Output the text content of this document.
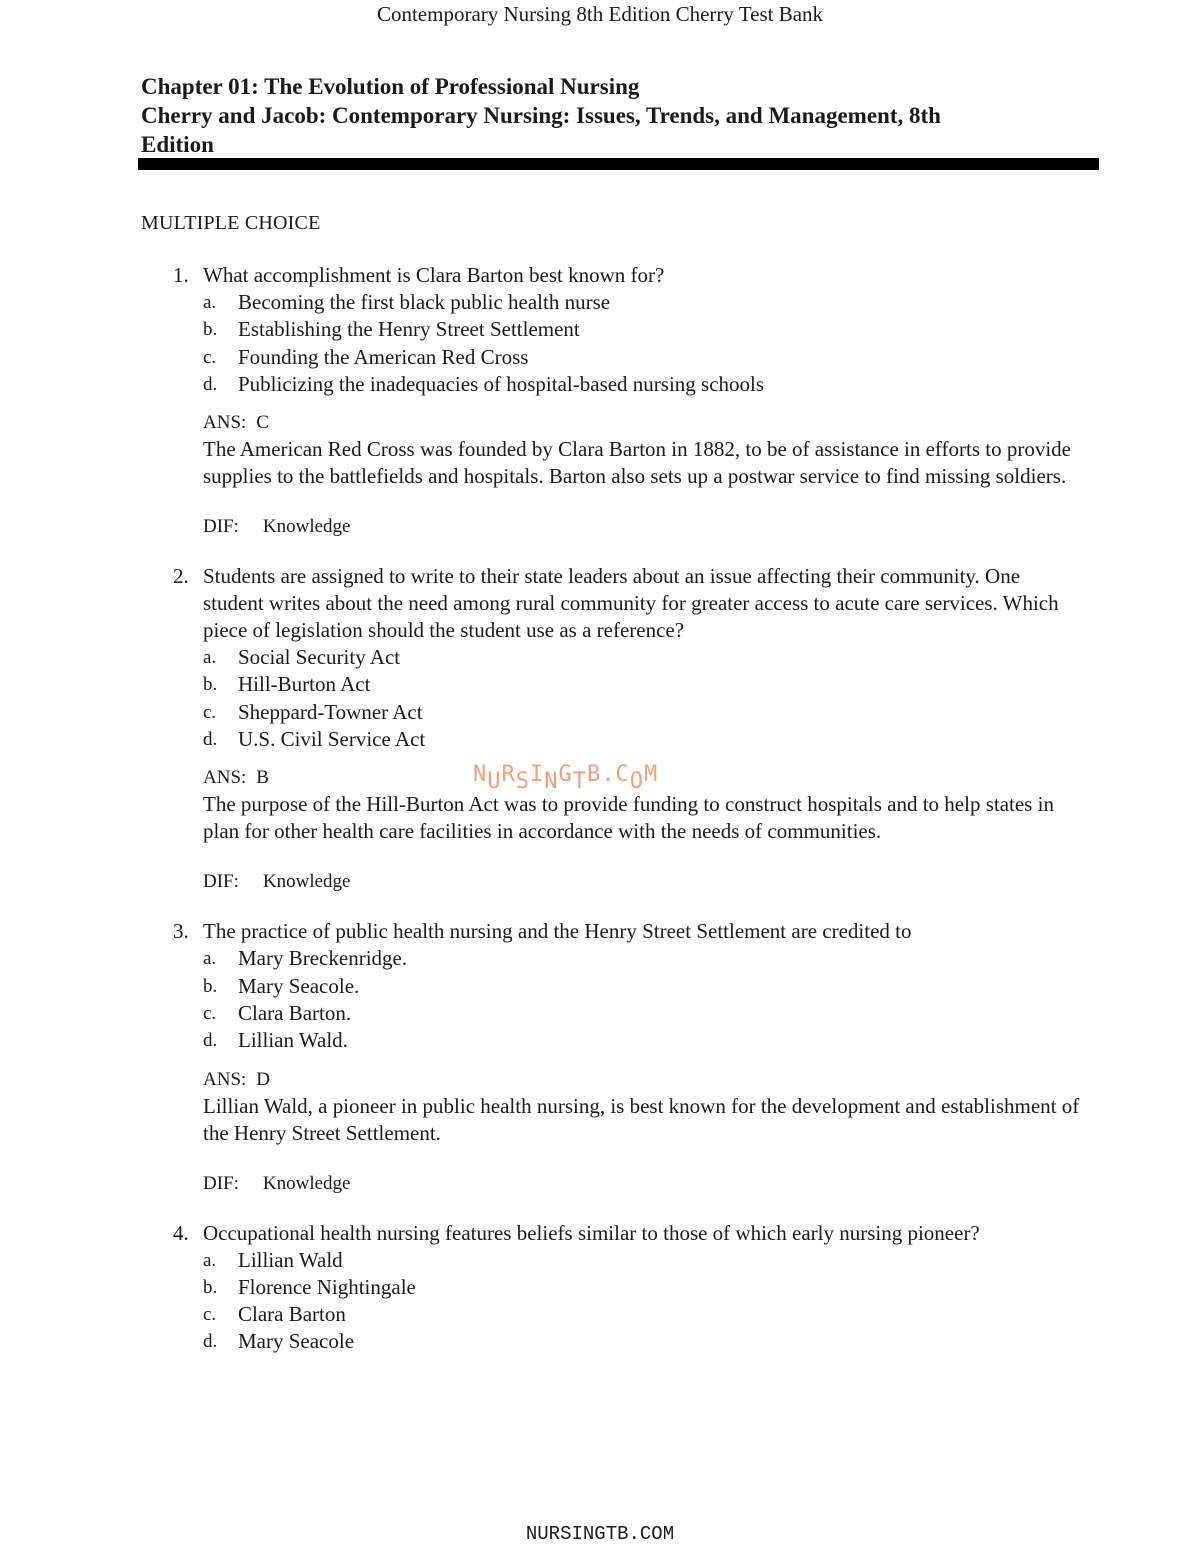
Contemporary Nursing 8th Edition Cherry Test Bank

Chapter 01: The Evolution of Professional Nursing

Cherry and Jacob: Contemporary Nursing: Issues, Trends, and Management, 8th

Edition

MULTIPLE CHOICE
1. What accomplishment is Clara Barton best known for?
a.	Becoming the first black public health nurse
b. Establishing the Henry Street Settlement
c.	Founding the American Red Cross
d. Publicizing the inadequacies of hospital-based nursing schools
ANS: C
The American Red Cross was founded by Clara Barton in 1882, to be of assistance in efforts to provide supplies to the battlefields and hospitals. Barton also sets up a postwar service to find missing soldiers.
DIF: Knowledge
2. Students are assigned to write to their state leaders about an issue affecting their community. One student writes about the need among rural community for greater access to acute care services. Which piece of legislation should the student use as a reference?
a.	Social Security Act
b. Hill-Burton Act
c.	Sheppard-Towner Act
d. U.S. Civil Service Act
ANS: B
The purpose of the Hill-Burton Act was to provide funding to construct hospitals and to help states in plan for other health care facilities in accordance with the needs of communities.
DIF: Knowledge
3. The practice of public health nursing and the Henry Street Settlement are credited to
a.	Mary Breckenridge.
b. Mary Seacole.
c.	Clara Barton.
d. Lillian Wald.
ANS: D
Lillian Wald, a pioneer in public health nursing, is best known for the development and establishment of the Henry Street Settlement.
DIF: Knowledge
4. Occupational health nursing features beliefs similar to those of which early nursing pioneer?
a.	Lillian Wald
b. Florence Nightingale
c.	Clara Barton
d. Mary Seacole
NURSINGTB.COM
NURSINGTB.COM
